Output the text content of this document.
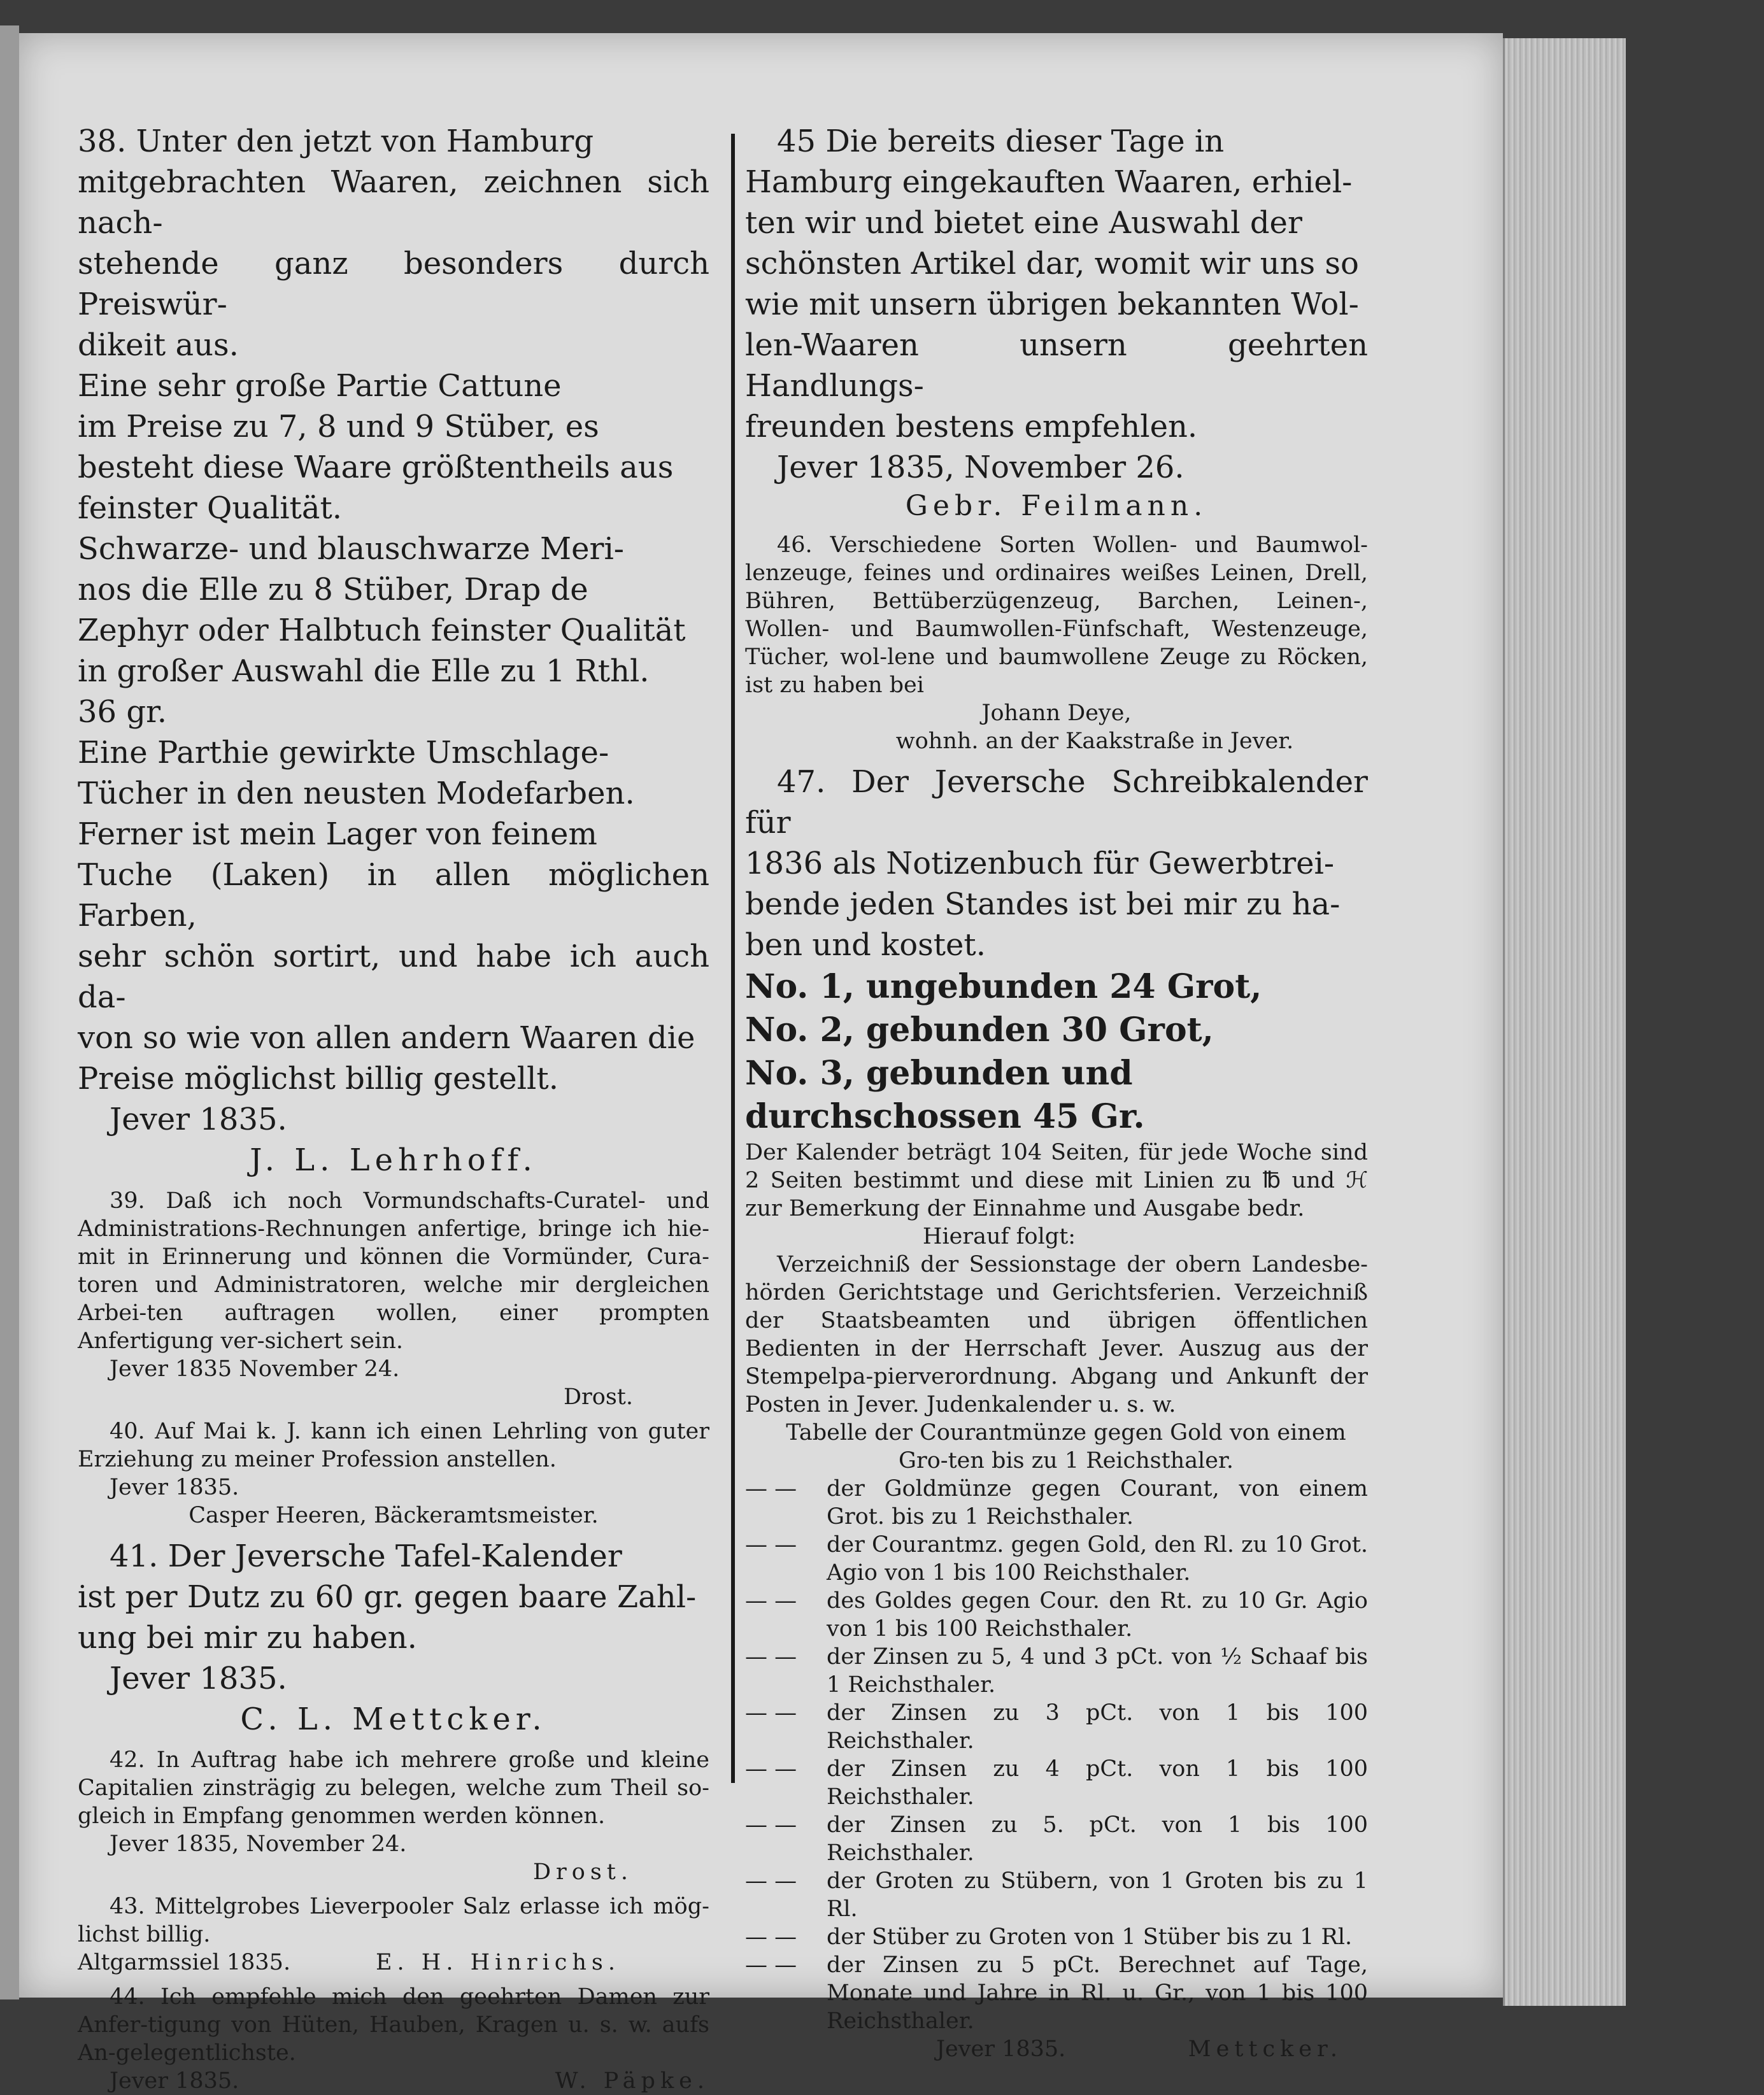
38. Unter den jetzt von Hamburg

mitgebrachten Waaren, zeichnen sich nach-

stehende ganz besonders durch Preiswür-

dikeit aus.

Eine sehr große Partie Cattune

im Preise zu 7, 8 und 9 Stüber, es

besteht diese Waare größtentheils aus

feinster Qualität.

Schwarze- und blauschwarze Meri-

nos die Elle zu 8 Stüber, Drap de

Zephyr oder Halbtuch feinster Qualität

in großer Auswahl die Elle zu 1 Rthl.

36 gr.

Eine Parthie gewirkte Umschlage-

Tücher in den neusten Modefarben.

Ferner ist mein Lager von feinem

Tuche (Laken) in allen möglichen Farben,

sehr schön sortirt, und habe ich auch da-

von so wie von allen andern Waaren die

Preise möglichst billig gestellt.

Jever 1835.

J. L. Lehrhoff.

39. Daß ich noch Vormundschafts-Curatel- und Administrations-Rechnungen anfertige, bringe ich hie-mit in Erinnerung und können die Vormünder, Cura-toren und Administratoren, welche mir dergleichen Arbei-ten auftragen wollen, einer prompten Anfertigung ver-sichert sein.

Jever 1835 November 24.

Drost.

40. Auf Mai k. J. kann ich einen Lehrling von guter Erziehung zu meiner Profession anstellen.

Jever 1835.

Casper Heeren, Bäckeramtsmeister.

41. Der Jeversche Tafel-Kalender

ist per Dutz zu 60 gr. gegen baare Zahl-

ung bei mir zu haben.

Jever 1835.

C. L. Mettcker.

42. In Auftrag habe ich mehrere große und kleine Capitalien zinsträgig zu belegen, welche zum Theil so-gleich in Empfang genommen werden können.

Jever 1835, November 24.

Drost.

43. Mittelgrobes Lieverpooler Salz erlasse ich mög-lichst billig.

Altgarmssiel 1835.	E. H. Hinrichs.

44. Ich empfehle mich den geehrten Damen zur Anfer-tigung von Hüten, Hauben, Kragen u. s. w. aufs An-gelegentlichste.

Jever 1835.	W. Päpke.

45 Die bereits dieser Tage in

Hamburg eingekauften Waaren, erhiel-

ten wir und bietet eine Auswahl der

schönsten Artikel dar, womit wir uns so

wie mit unsern übrigen bekannten Wol-

len-Waaren unsern geehrten Handlungs-

freunden bestens empfehlen.

Jever 1835, November 26.

Gebr. Feilmann.

46. Verschiedene Sorten Wollen- und Baumwol-lenzeuge, feines und ordinaires weißes Leinen, Drell, Bühren, Bettüberzügenzeug, Barchen, Leinen-, Wollen- und Baumwollen-Fünfschaft, Westenzeuge, Tücher, wol-lene und baumwollene Zeuge zu Röcken, ist zu haben bei

Johann Deye,

wohnh. an der Kaakstraße in Jever.

47. Der Jeversche Schreibkalender für

1836 als Notizenbuch für Gewerbtrei-

bende jeden Standes ist bei mir zu ha-

ben und kostet.

No. 1, ungebunden 24 Grot,

No. 2, gebunden 30 Grot,

No. 3, gebunden und durchschossen 45 Gr.

Der Kalender beträgt 104 Seiten, für jede Woche sind 2 Seiten bestimmt und diese mit Linien zu ℔ und ℋ zur Bemerkung der Einnahme und Ausgabe bedr.

Hierauf folgt:

Verzeichniß der Sessionstage der obern Landesbe-hörden Gerichtstage und Gerichtsferien. Verzeichniß der Staatsbeamten und übrigen öffentlichen Bedienten in der Herrschaft Jever. Auszug aus der Stempelpa-pierverordnung. Abgang und Ankunft der Posten in Jever. Judenkalender u. s. w.

Tabelle der Courantmünze gegen Gold von einem Gro-ten bis zu 1 Reichsthaler.

— —	der Goldmünze gegen Courant, von einem Grot. bis zu 1 Reichsthaler.
— —	der Courantmz. gegen Gold, den Rl. zu 10 Grot. Agio von 1 bis 100 Reichsthaler.
— —	des Goldes gegen Cour. den Rt. zu 10 Gr. Agio von 1 bis 100 Reichsthaler.
— —	der Zinsen zu 5, 4 und 3 pCt. von ½ Schaaf bis 1 Reichsthaler.
— —	der Zinsen zu 3 pCt. von 1 bis 100 Reichsthaler.
— —	der Zinsen zu 4 pCt. von 1 bis 100 Reichsthaler.
— —	der Zinsen zu 5. pCt. von 1 bis 100 Reichsthaler.
— —	der Groten zu Stübern, von 1 Groten bis zu 1 Rl.
— —	der Stüber zu Groten von 1 Stüber bis zu 1 Rl.
— —	der Zinsen zu 5 pCt. Berechnet auf Tage, Monate und Jahre in Rl. u. Gr., von 1 bis 100 Reichsthaler.
Jever 1835.	Mettcker.
